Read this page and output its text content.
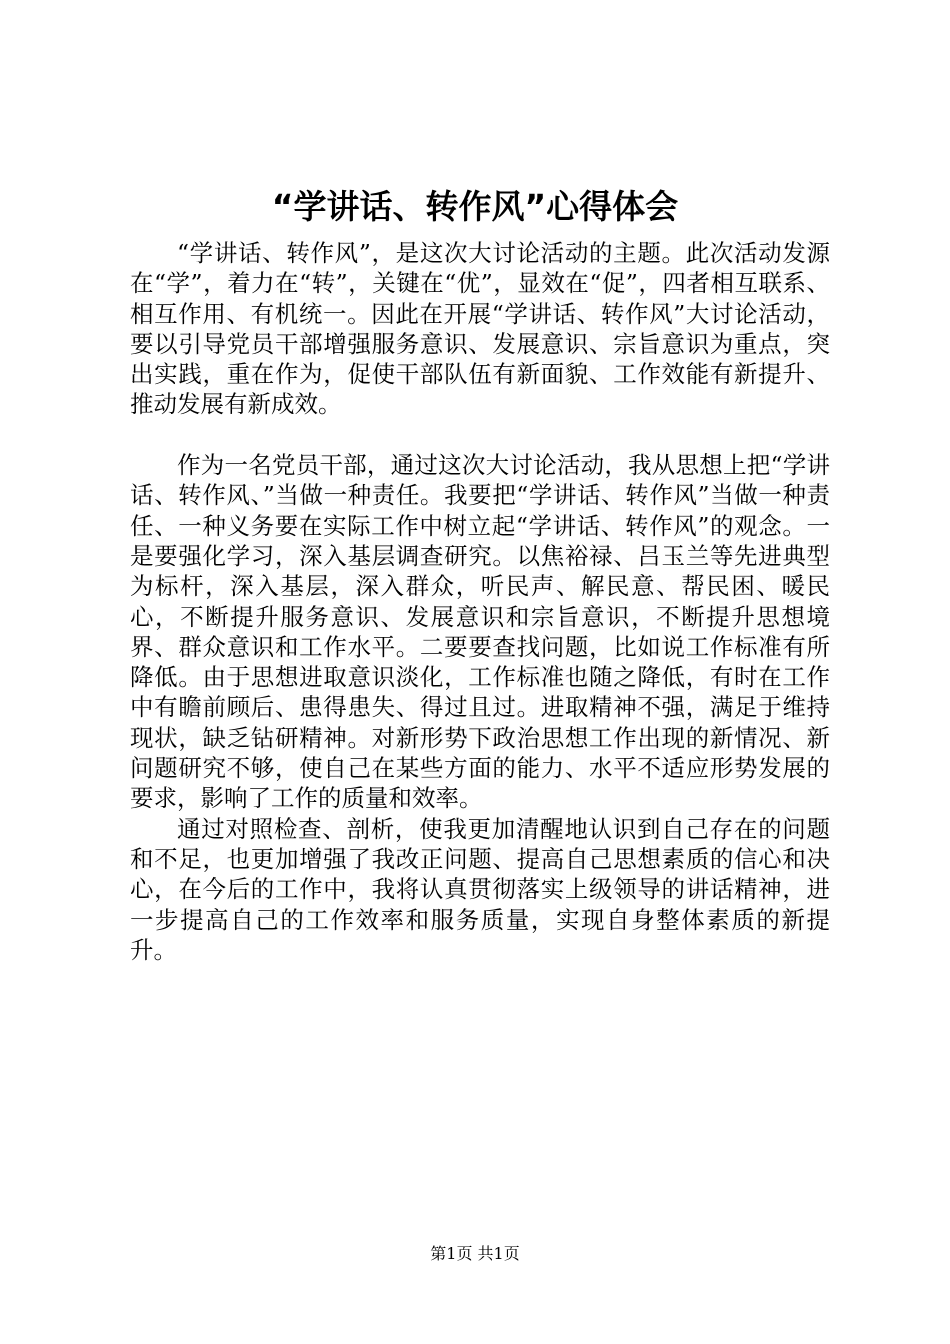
“学讲话、转作风”心得体会

“学讲话、转作风”，是这次大讨论活动的主题。此次活动发源在“学”，着力在“转”，关键在“优”，显效在“促”，四者相互联系、相互作用、有机统一。因此在开展“学讲话、转作风”大讨论活动，要以引导党员干部增强服务意识、发展意识、宗旨意识为重点，突出实践，重在作为，促使干部队伍有新面貌、工作效能有新提升、推动发展有新成效。

作为一名党员干部，通过这次大讨论活动，我从思想上把“学讲话、转作风、”当做一种责任。我要把“学讲话、转作风”当做一种责任、一种义务要在实际工作中树立起“学讲话、转作风”的观念。一是要强化学习，深入基层调查研究。以焦裕禄、吕玉兰等先进典型为标杆，深入基层，深入群众，听民声、解民意、帮民困、暖民心，不断提升服务意识、发展意识和宗旨意识，不断提升思想境界、群众意识和工作水平。二要要查找问题，比如说工作标准有所降低。由于思想进取意识淡化，工作标准也随之降低，有时在工作中有瞻前顾后、患得患失、得过且过。进取精神不强，满足于维持现状，缺乏钻研精神。对新形势下政治思想工作出现的新情况、新问题研究不够，使自己在某些方面的能力、水平不适应形势发展的要求，影响了工作的质量和效率。

通过对照检查、剖析，使我更加清醒地认识到自己存在的问题和不足，也更加增强了我改正问题、提高自己思想素质的信心和决心，在今后的工作中，我将认真贯彻落实上级领导的讲话精神，进一步提高自己的工作效率和服务质量，实现自身整体素质的新提升。

第1页 共1页
